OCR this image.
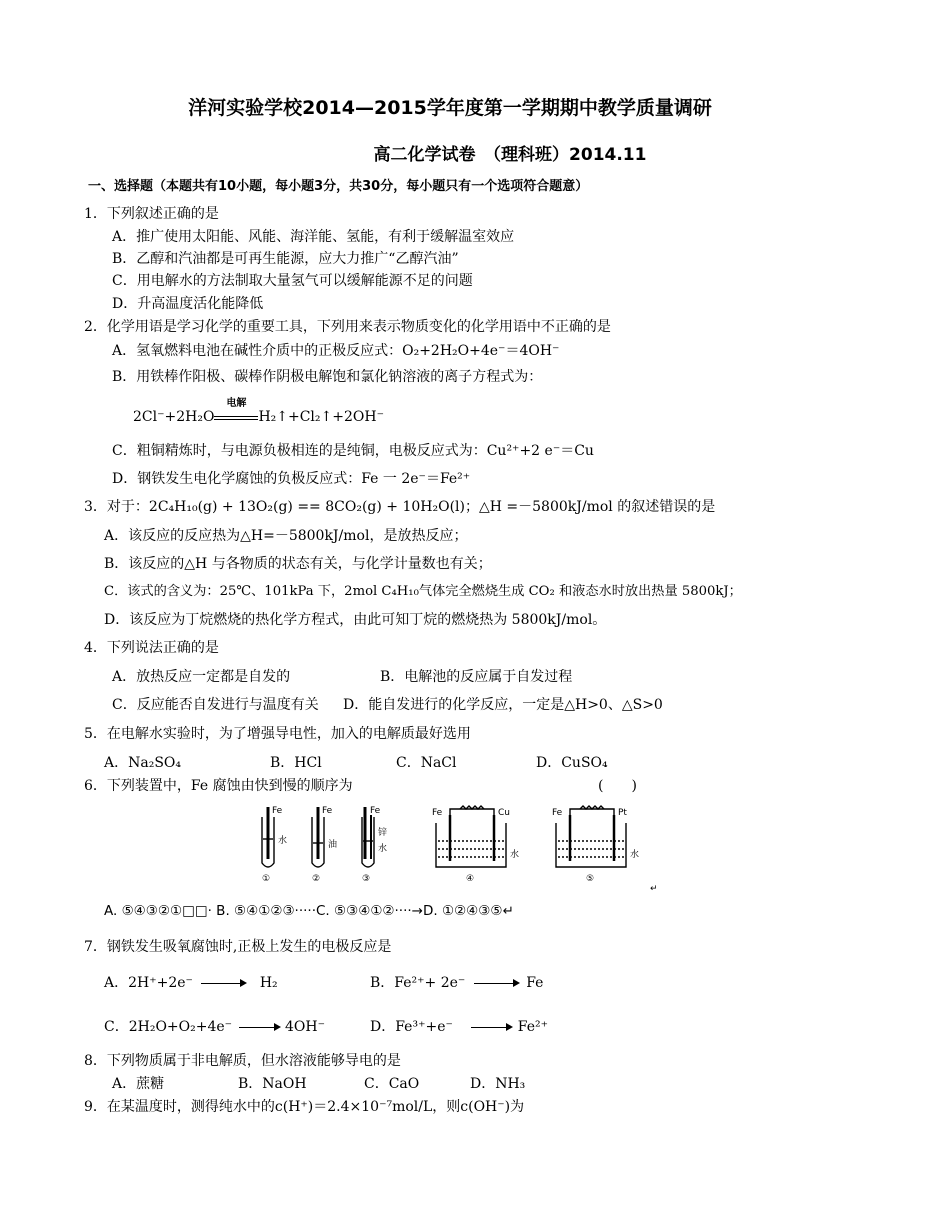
洋河实验学校2014—2015学年度第一学期期中教学质量调研
高二化学试卷　（理科班）2014.11
一、选择题（本题共有10小题，每小题3分，共30分，每小题只有一个选项符合题意）
1．下列叙述正确的是
A．推广使用太阳能、风能、海洋能、氢能，有利于缓解温室效应
B．乙醇和汽油都是可再生能源，应大力推广“乙醇汽油”
C．用电解水的方法制取大量氢气可以缓解能源不足的问题
D．升高温度活化能降低
2．化学用语是学习化学的重要工具，下列用来表示物质变化的化学用语中不正确的是
A．氢氧燃料电池在碱性介质中的正极反应式：O₂+2H₂O+4e⁻＝4OH⁻
B．用铁棒作阳极、碳棒作阴极电解饱和氯化钠溶液的离子方程式为：
2Cl⁻+2H₂O
电解
H₂↑+Cl₂↑+2OH⁻
C．粗铜精炼时，与电源负极相连的是纯铜，电极反应式为：Cu²⁺+2 e⁻＝Cu
D．钢铁发生电化学腐蚀的负极反应式：Fe 一 2e⁻＝Fe²⁺
3．对于：2C₄H₁₀(g) + 13O₂(g) == 8CO₂(g) + 10H₂O(l)；△H =－5800kJ/mol 的叙述错误的是
A．该反应的反应热为△H=－5800kJ/mol，是放热反应；
B．该反应的△H 与各物质的状态有关，与化学计量数也有关；
C．该式的含义为：25℃、101kPa 下，2mol C₄H₁₀气体完全燃烧生成 CO₂ 和液态水时放出热量 5800kJ；
D．该反应为丁烷燃烧的热化学方程式，由此可知丁烷的燃烧热为 5800kJ/mol。
4．下列说法正确的是
A．放热反应一定都是自发的	B．电解池的反应属于自发过程
C．反应能否自发进行与温度有关 D．能自发进行的化学反应，一定是△H>0、△S>0
5．在电解水实验时，为了增强导电性，加入的电解质最好选用
A．Na₂SO₄	B．HCl	C．NaCl	D．CuSO₄
6．下列装置中，Fe 腐蚀由快到慢的顺序为	(　　)
Fe
水
①
Fe
油
②
Fe
锌
水
③
Fe	Cu
水
④
Fe	Pt
水
⑤
↵
A. ⑤④③②①□□· B. ⑤④①②③·····C. ⑤③④①②····→D. ①②④③⑤↵
7．钢铁发生吸氧腐蚀时,正极上发生的电极反应是
A．2H⁺+2e⁻	H₂	B．Fe²⁺+ 2e⁻	Fe
C．2H₂O+O₂+4e⁻	4OH⁻	D．Fe³⁺+e⁻	Fe²⁺
8．下列物质属于非电解质，但水溶液能够导电的是
A．蔗糖	B．NaOH	C．CaO	D．NH₃
9．在某温度时，测得纯水中的c(H⁺)＝2.4×10⁻⁷mol/L，则c(OH⁻)为
